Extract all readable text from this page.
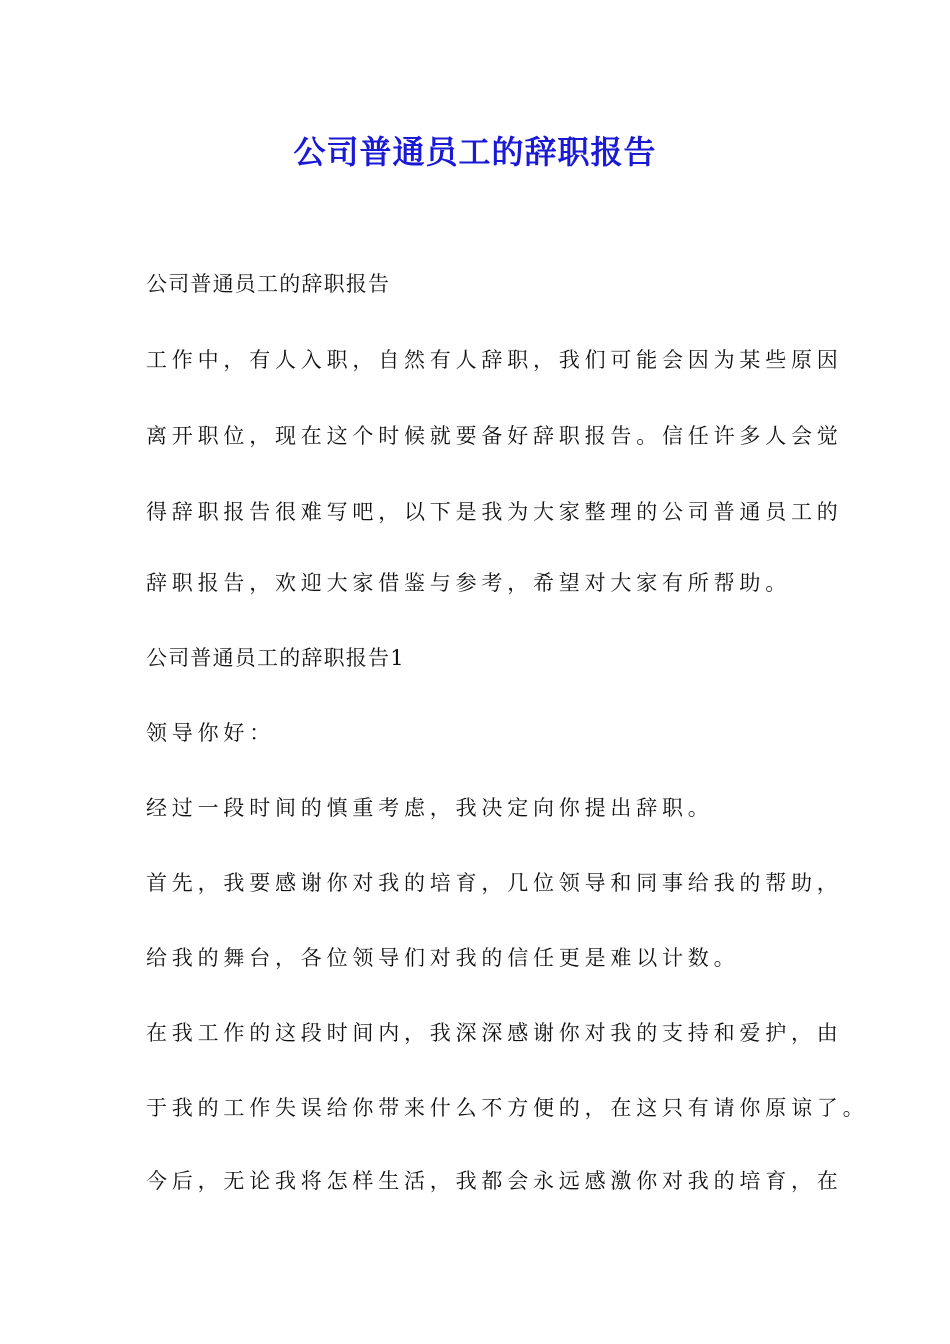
公司普通员工的辞职报告
公司普通员工的辞职报告
工作中，有人入职，自然有人辞职，我们可能会因为某些原因
离开职位，现在这个时候就要备好辞职报告。信任许多人会觉
得辞职报告很难写吧，以下是我为大家整理的公司普通员工的
辞职报告，欢迎大家借鉴与参考，希望对大家有所帮助。
公司普通员工的辞职报告1
领导你好：
经过一段时间的慎重考虑，我决定向你提出辞职。
首先，我要感谢你对我的培育，几位领导和同事给我的帮助，
给我的舞台，各位领导们对我的信任更是难以计数。
在我工作的这段时间内，我深深感谢你对我的支持和爱护，由
于我的工作失误给你带来什么不方便的，在这只有请你原谅了。
今后，无论我将怎样生活，我都会永远感激你对我的培育，在
